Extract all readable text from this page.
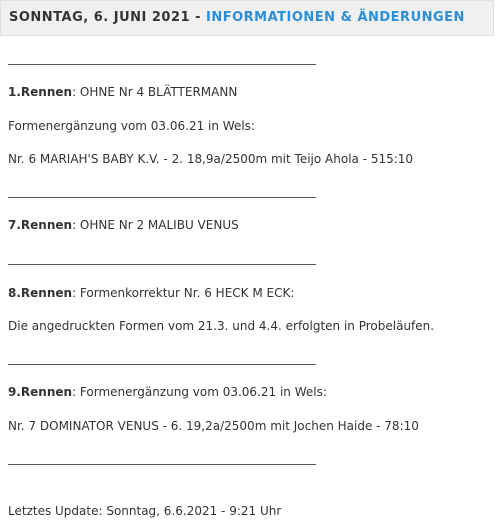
SONNTAG, 6. JUNI 2021 - INFORMATIONEN & ÄNDERUNGEN
1.Rennen: OHNE Nr 4 BLÄTTERMANN
Formenergänzung vom 03.06.21 in Wels:
Nr. 6 MARIAH'S BABY K.V. - 2. 18,9a/2500m mit Teijo Ahola - 515:10
7.Rennen: OHNE Nr 2 MALIBU VENUS
8.Rennen: Formenkorrektur Nr. 6 HECK M ECK:
Die angedruckten Formen vom 21.3. und 4.4. erfolgten in Probeläufen.
9.Rennen: Formenergänzung vom 03.06.21 in Wels:
Nr. 7 DOMINATOR VENUS - 6. 19,2a/2500m mit Jochen Haide - 78:10
Letztes Update: Sonntag, 6.6.2021 - 9:21 Uhr
